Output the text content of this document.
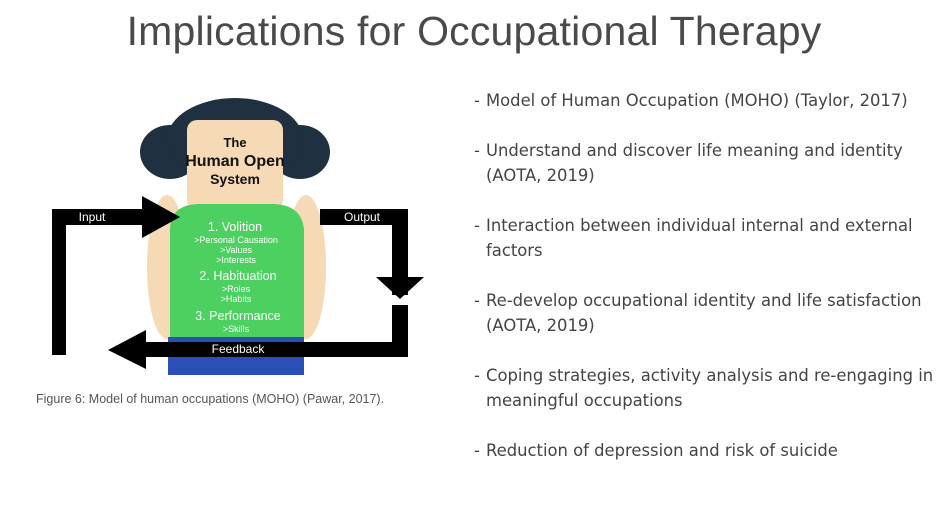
Implications for Occupational Therapy
The
Human Open
System
Input	Output
Feedback
1. Volition
>Personal Causation
>Values
>Interests
2. Habituation
>Roles
>Habits
3. Performance
>Skills
Figure 6: Model of human occupations (MOHO) (Pawar, 2017).
- Model of Human Occupation (MOHO) (Taylor, 2017)
- Understand and discover life meaning and identity (AOTA, 2019)
- Interaction between individual internal and external factors
- Re-develop occupational identity and life satisfaction (AOTA, 2019)
- Coping strategies, activity analysis and re-engaging in meaningful occupations
- Reduction of depression and risk of suicide
